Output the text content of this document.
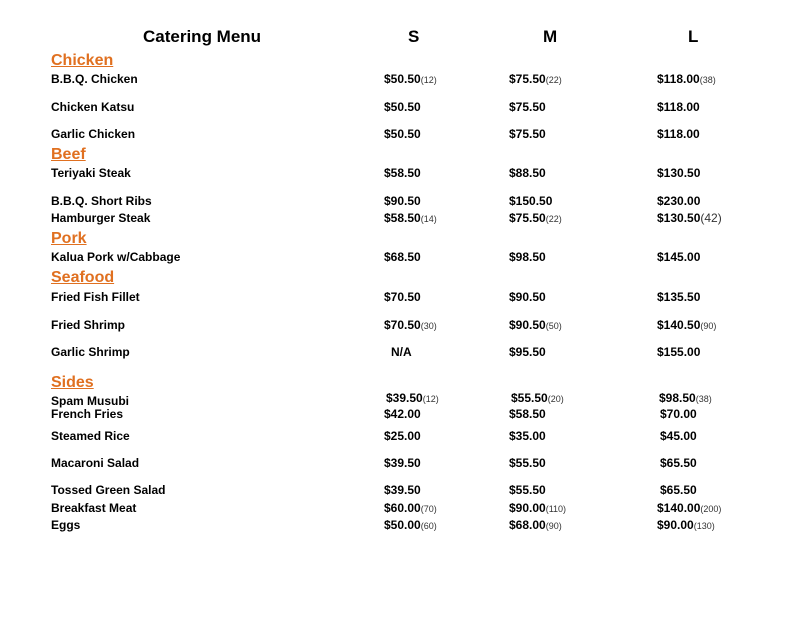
Catering Menu	S	M	L
Chicken
B.B.Q. Chicken	$50.50(12)	$75.50(22)	$118.00(38)
Chicken Katsu	$50.50	$75.50	$118.00
Garlic Chicken	$50.50	$75.50	$118.00
Beef
Teriyaki Steak	$58.50	$88.50	$130.50
B.B.Q. Short Ribs	$90.50	$150.50	$230.00
Hamburger Steak	$58.50(14)	$75.50(22)	$130.50(42)
Pork
Kalua Pork w/Cabbage	$68.50	$98.50	$145.00
Seafood
Fried Fish Fillet	$70.50	$90.50	$135.50
Fried Shrimp	$70.50(30)	$90.50(50)	$140.50(90)
Garlic Shrimp	N/A	$95.50	$155.00
Sides
Spam Musubi	$39.50(12)	$55.50(20)	$98.50(38)
French Fries	$42.00	$58.50	$70.00
Steamed Rice	$25.00	$35.00	$45.00
Macaroni Salad	$39.50	$55.50	$65.50
Tossed Green Salad	$39.50	$55.50	$65.50
Breakfast Meat	$60.00(70)	$90.00(110)	$140.00(200)
Eggs	$50.00(60)	$68.00(90)	$90.00(130)
